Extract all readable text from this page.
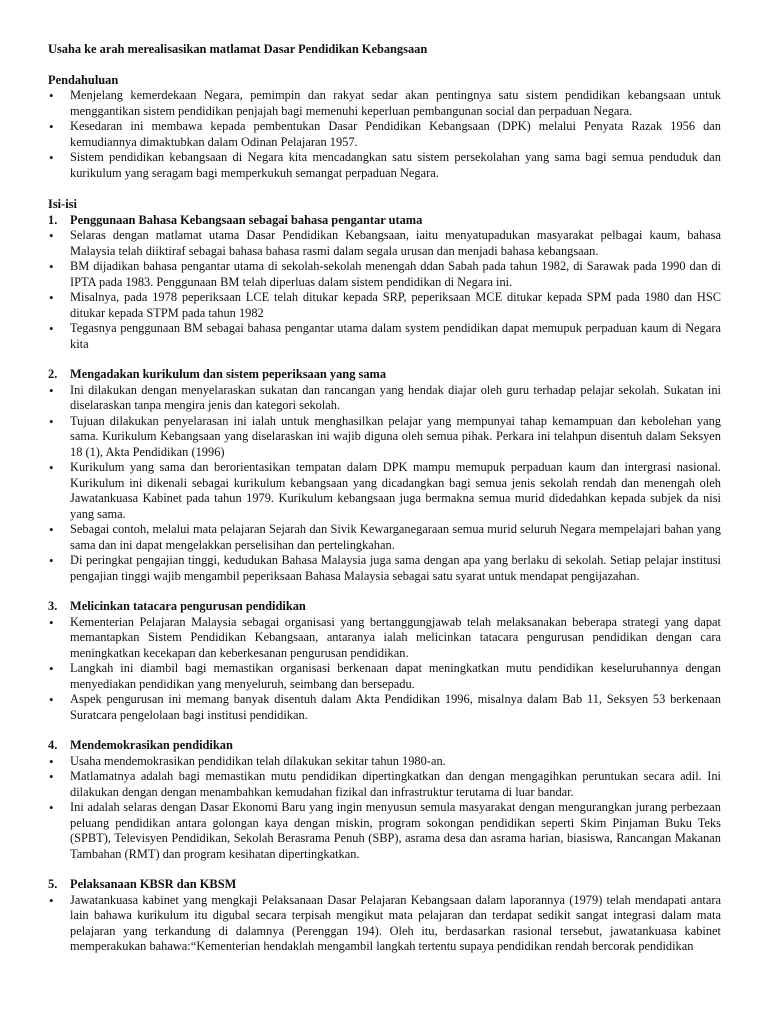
Usaha ke arah merealisasikan matlamat Dasar Pendidikan Kebangsaan

Pendahuluan

• Menjelang kemerdekaan Negara, pemimpin dan rakyat sedar akan pentingnya satu sistem pendidikan kebangsaan untuk menggantikan sistem pendidikan penjajah bagi memenuhi keperluan pembangunan social dan perpaduan Negara.
• Kesedaran ini membawa kepada pembentukan Dasar Pendidikan Kebangsaan (DPK) melalui Penyata Razak 1956 dan kemudiannya dimaktubkan dalam Odinan Pelajaran 1957.
• Sistem pendidikan kebangsaan di Negara kita mencadangkan satu sistem persekolahan yang sama bagi semua penduduk dan kurikulum yang seragam bagi memperkukuh semangat perpaduan Negara.

Isi-isi

1.	Penggunaan Bahasa Kebangsaan sebagai bahasa pengantar utama
• Selaras dengan matlamat utama Dasar Pendidikan Kebangsaan, iaitu menyatupadukan masyarakat pelbagai kaum, bahasa Malaysia telah diiktiraf sebagai bahasa bahasa rasmi dalam segala urusan dan menjadi bahasa kebangsaan.
• BM dijadikan bahasa pengantar utama di sekolah-sekolah menengah ddan Sabah pada tahun 1982, di Sarawak pada 1990 dan di IPTA pada 1983. Penggunaan BM telah diperluas dalam sistem pendidikan di Negara ini.
• Misalnya, pada 1978 peperiksaan LCE telah ditukar kepada SRP, peperiksaan MCE ditukar kepada SPM pada 1980 dan HSC ditukar kepada STPM pada tahun 1982
• Tegasnya penggunaan BM sebagai bahasa pengantar utama dalam system pendidikan dapat memupuk perpaduan kaum di Negara kita
2.	Mengadakan kurikulum dan sistem peperiksaan yang sama
• Ini dilakukan dengan menyelaraskan sukatan dan rancangan yang hendak diajar oleh guru terhadap pelajar sekolah. Sukatan ini diselaraskan tanpa mengira jenis dan kategori sekolah.
• Tujuan dilakukan penyelarasan ini ialah untuk menghasilkan pelajar yang mempunyai tahap kemampuan dan kebolehan yang sama. Kurikulum Kebangsaan yang diselaraskan ini wajib diguna oleh semua pihak. Perkara ini telahpun disentuh dalam Seksyen 18 (1), Akta Pendidikan (1996)
• Kurikulum yang sama dan berorientasikan tempatan dalam DPK mampu memupuk perpaduan kaum dan intergrasi nasional. Kurikulum ini dikenali sebagai kurikulum kebangsaan yang dicadangkan bagi semua jenis sekolah rendah dan menengah oleh Jawatankuasa Kabinet pada tahun 1979. Kurikulum kebangsaan juga bermakna semua murid didedahkan kepada subjek da nisi yang sama.
• Sebagai contoh, melalui mata pelajaran Sejarah dan Sivik Kewarganegaraan semua murid seluruh Negara mempelajari bahan yang sama dan ini dapat mengelakkan perselisihan dan pertelingkahan.
• Di peringkat pengajian tinggi, kedudukan Bahasa Malaysia juga sama dengan apa yang berlaku di sekolah. Setiap pelajar institusi pengajian tinggi wajib mengambil peperiksaan Bahasa Malaysia sebagai satu syarat untuk mendapat pengijazahan.
3.	Melicinkan tatacara pengurusan pendidikan
• Kementerian Pelajaran Malaysia sebagai organisasi yang bertanggungjawab telah melaksanakan beberapa strategi yang dapat memantapkan Sistem Pendidikan Kebangsaan, antaranya ialah melicinkan tatacara pengurusan pendidikan dengan cara meningkatkan kecekapan dan keberkesanan pengurusan pendidikan.
• Langkah ini diambil bagi memastikan organisasi berkenaan dapat meningkatkan mutu pendidikan keseluruhannya dengan menyediakan pendidikan yang menyeluruh, seimbang dan bersepadu.
• Aspek pengurusan ini memang banyak disentuh dalam Akta Pendidikan 1996, misalnya dalam Bab 11, Seksyen 53 berkenaan Suratcara pengelolaan bagi institusi pendidikan.
4.	Mendemokrasikan pendidikan
• Usaha mendemokrasikan pendidikan telah dilakukan sekitar tahun 1980-an.
• Matlamatnya adalah bagi memastikan mutu pendidikan dipertingkatkan dan dengan mengagihkan peruntukan secara adil. Ini dilakukan dengan dengan menambahkan kemudahan fizikal dan infrastruktur terutama di luar bandar.
• Ini adalah selaras dengan Dasar Ekonomi Baru yang ingin menyusun semula masyarakat dengan mengurangkan jurang perbezaan peluang pendidikan antara golongan kaya dengan miskin, program sokongan pendidikan seperti Skim Pinjaman Buku Teks (SPBT), Televisyen Pendidikan, Sekolah Berasrama Penuh (SBP), asrama desa dan asrama harian, biasiswa, Rancangan Makanan Tambahan (RMT) dan program kesihatan dipertingkatkan.
5.	Pelaksanaan KBSR dan KBSM
• Jawatankuasa kabinet yang mengkaji Pelaksanaan Dasar Pelajaran Kebangsaan dalam laporannya (1979) telah mendapati antara lain bahawa kurikulum itu digubal secara terpisah mengikut mata pelajaran dan terdapat sedikit sangat integrasi dalam mata pelajaran yang terkandung di dalamnya (Perenggan 194). Oleh itu, berdasarkan rasional tersebut, jawatankuasa kabinet memperakukan bahawa:“Kementerian hendaklah mengambil langkah tertentu supaya pendidikan rendah bercorak pendidikan
